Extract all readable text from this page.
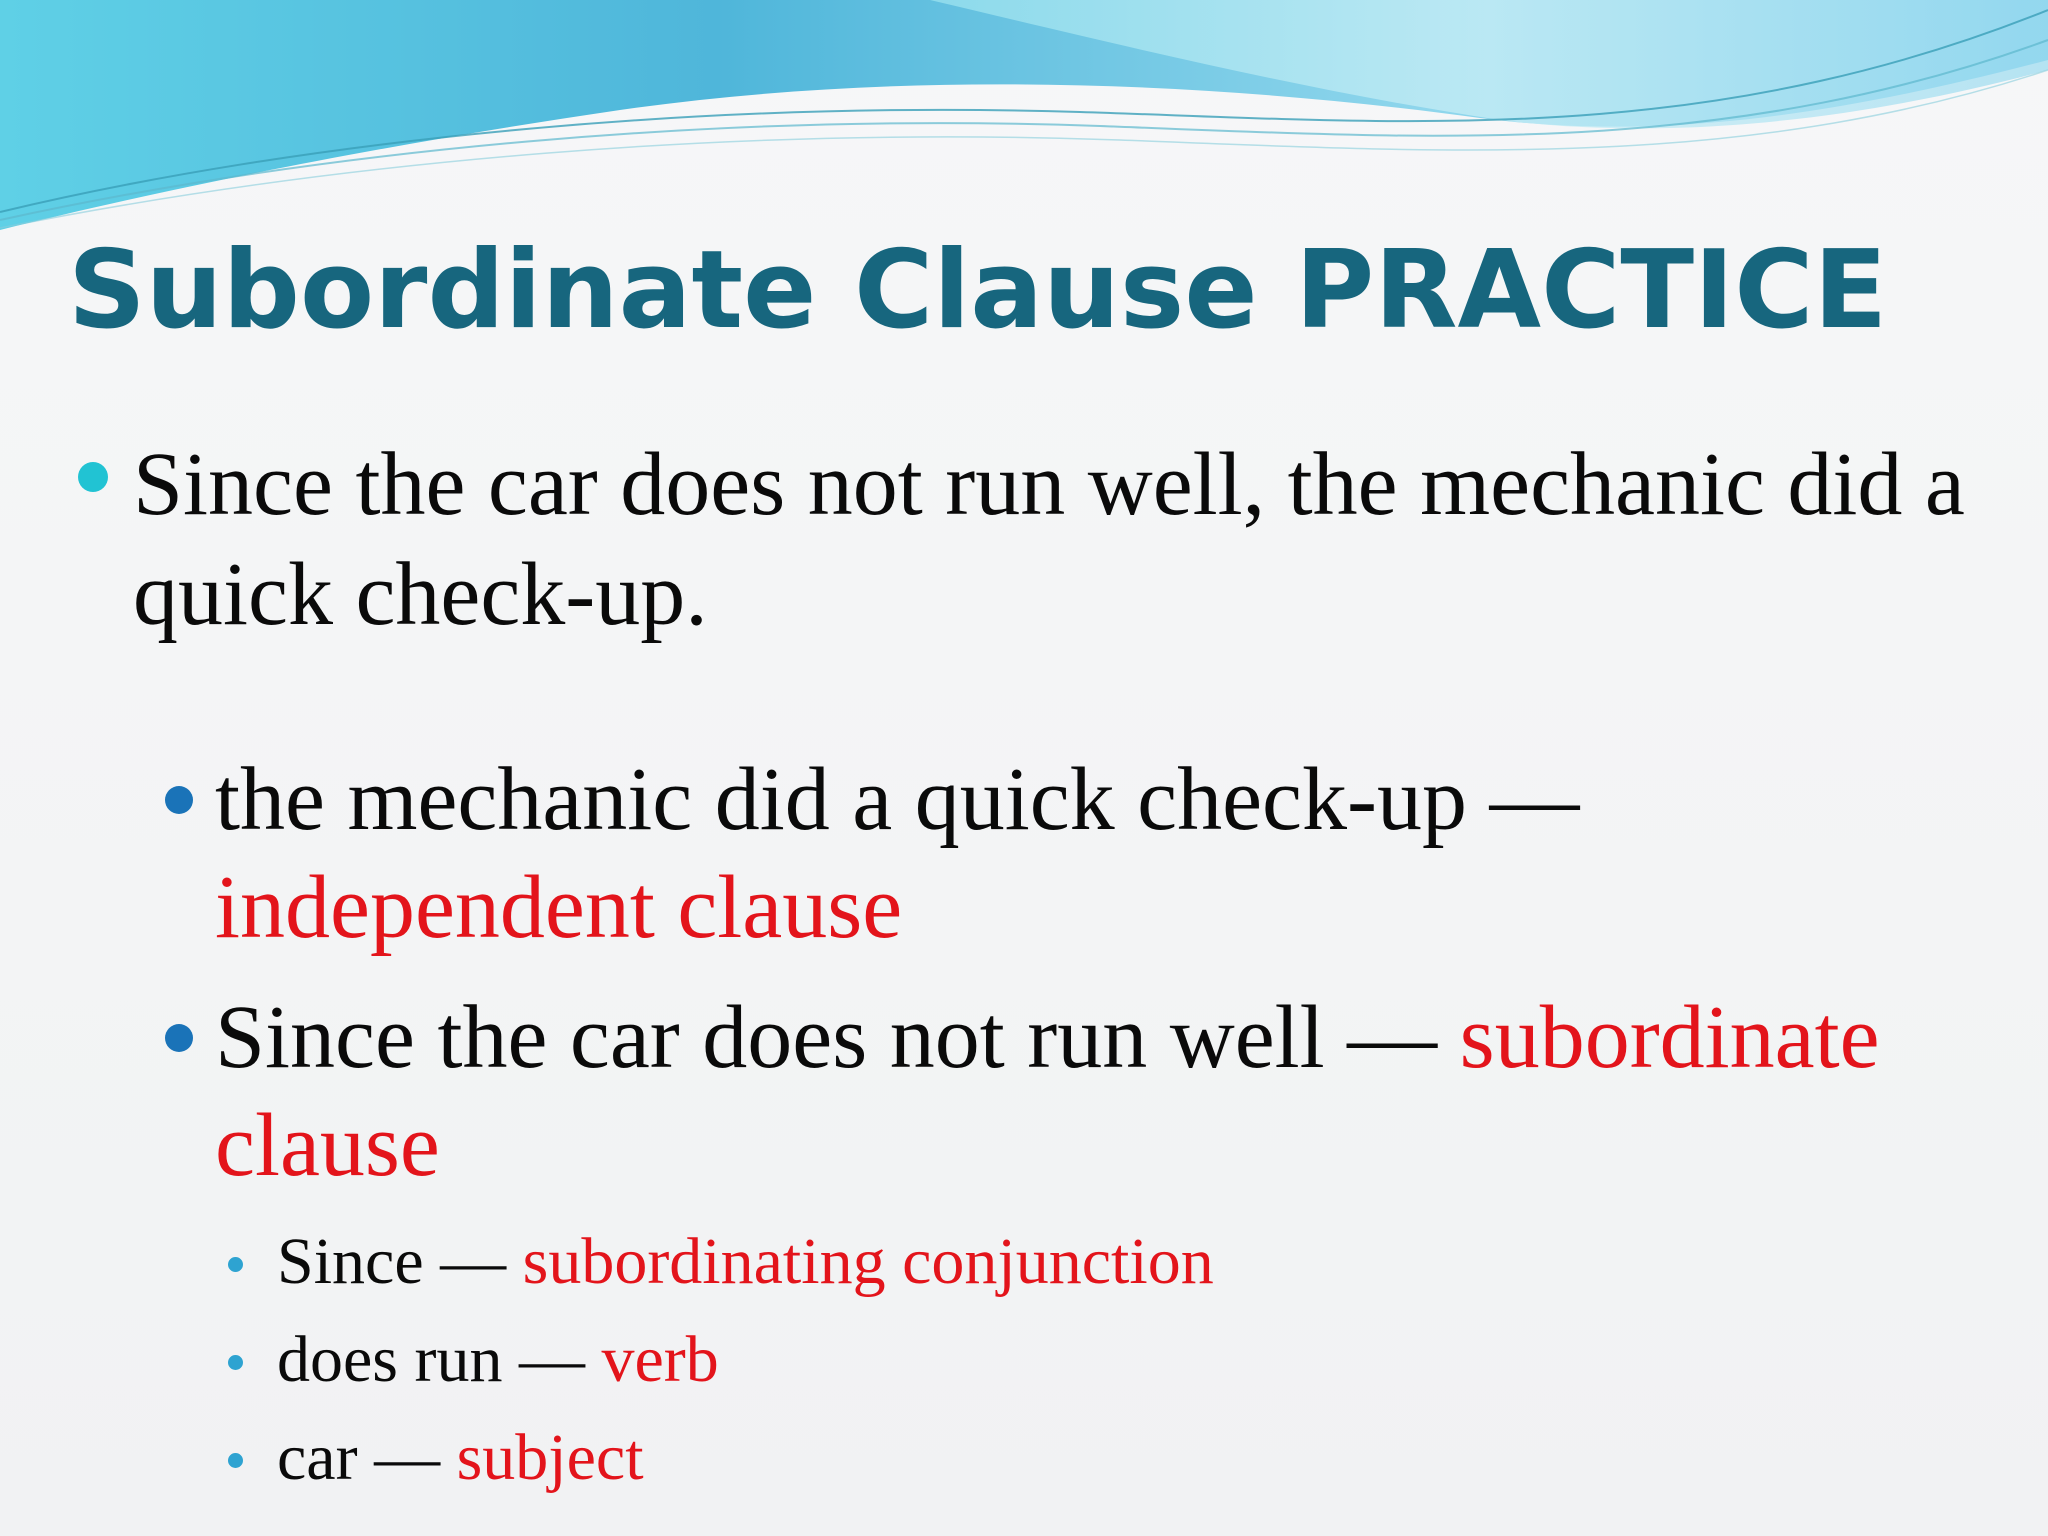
Subordinate Clause PRACTICE

Since the car does not run well, the mechanic did a quick check-up.

the mechanic did a quick check-up —
independent clause

Since the car does not run well — subordinate clause

Since — subordinating conjunction

does run — verb

car — subject
